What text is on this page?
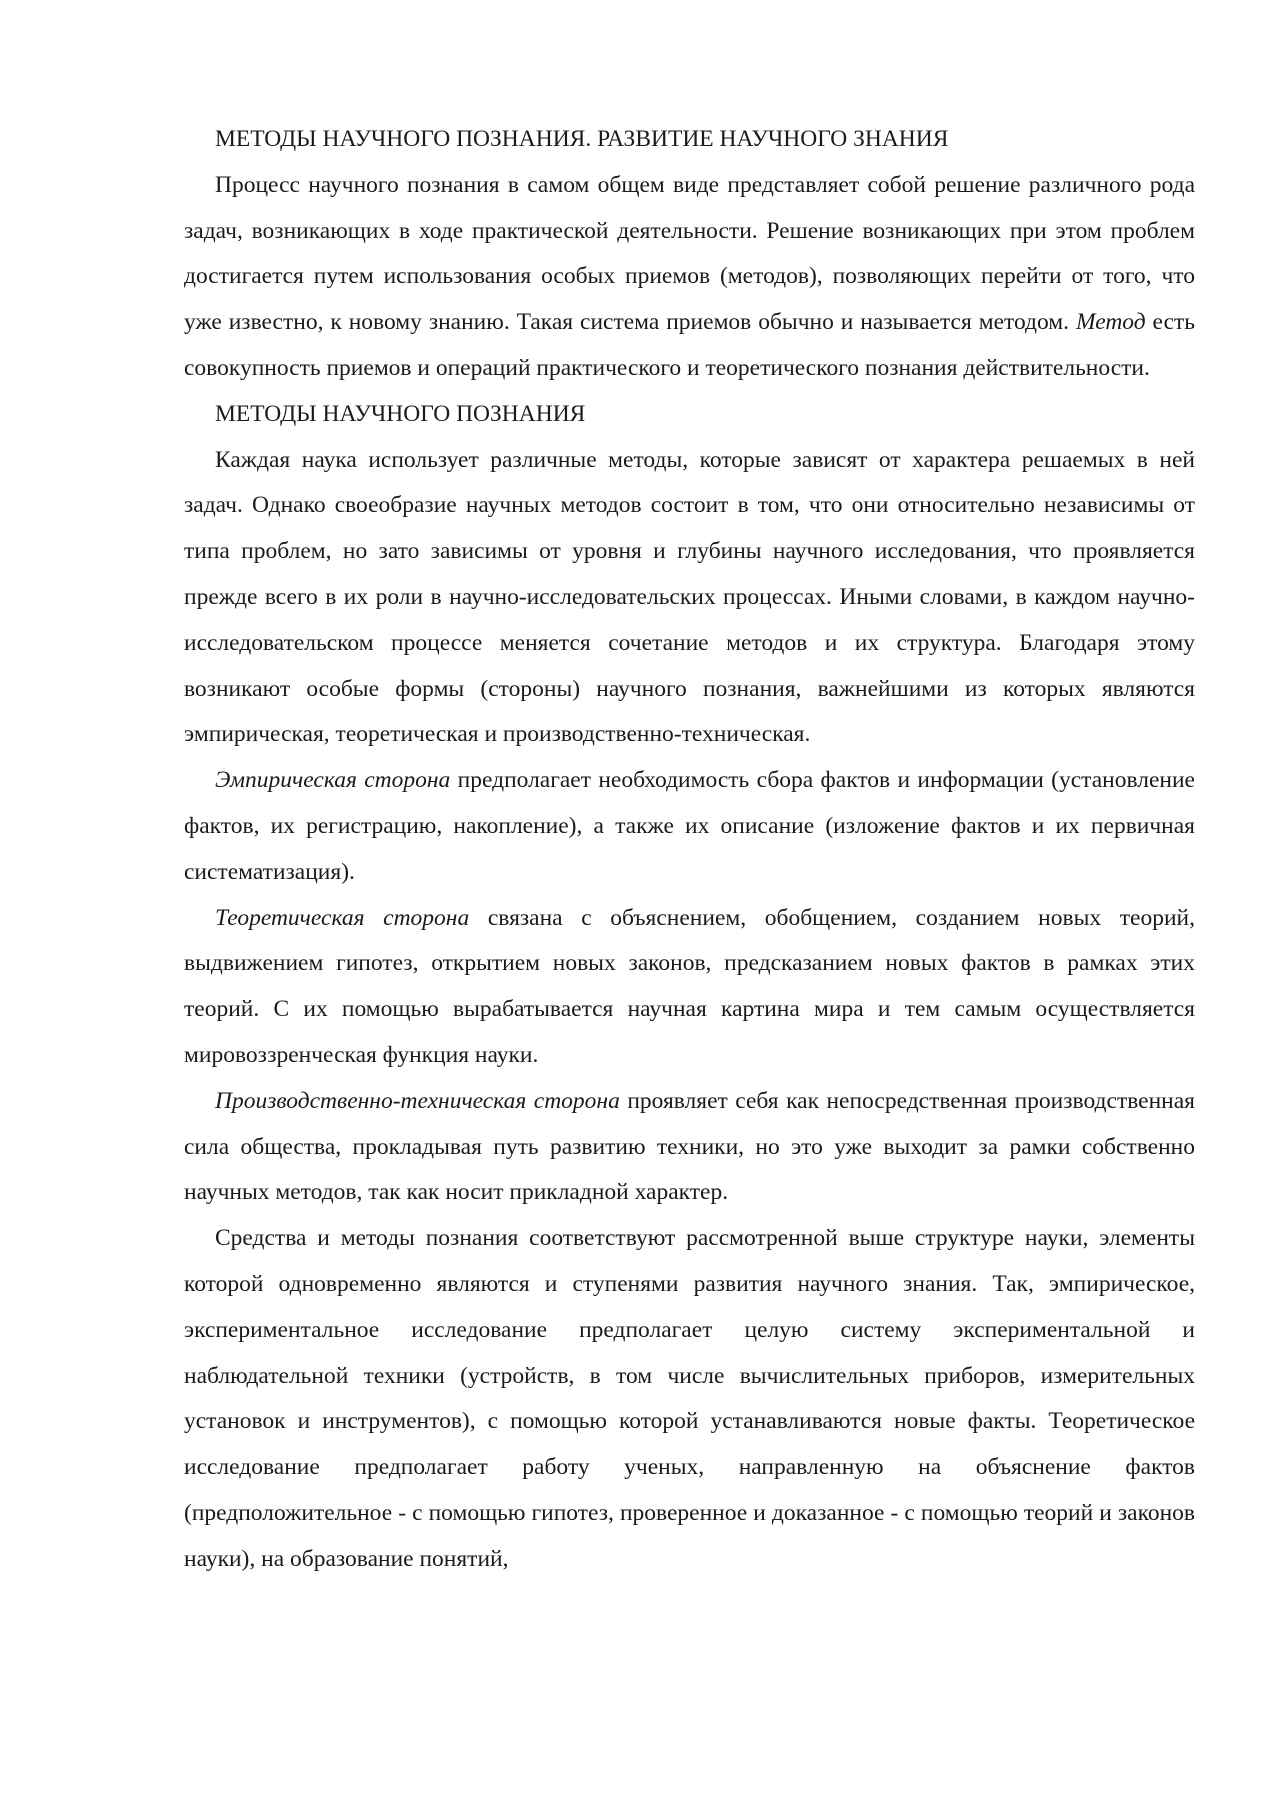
МЕТОДЫ НАУЧНОГО ПОЗНАНИЯ. РАЗВИТИЕ НАУЧНОГО ЗНАНИЯ

Процесс научного познания в самом общем виде представляет собой решение различного рода задач, возникающих в ходе практической деятельности. Решение возникающих при этом проблем достигается путем использования особых приемов (методов), позволяющих перейти от того, что уже известно, к новому знанию. Такая система приемов обычно и называется методом. Метод есть совокупность приемов и операций практического и теоретического познания действительности.

МЕТОДЫ НАУЧНОГО ПОЗНАНИЯ

Каждая наука использует различные методы, которые зависят от характера решаемых в ней задач. Однако своеобразие научных методов состоит в том, что они относительно независимы от типа проблем, но зато зависимы от уровня и глубины научного исследования, что проявляется прежде всего в их роли в научно-исследовательских процессах. Иными словами, в каждом научно-исследовательском процессе меняется сочетание методов и их структура. Благодаря этому возникают особые формы (стороны) научного познания, важнейшими из которых являются эмпирическая, теоретическая и производственно-техническая.

Эмпирическая сторона предполагает необходимость сбора фактов и информации (установление фактов, их регистрацию, накопление), а также их описание (изложение фактов и их первичная систематизация).

Теоретическая сторона связана с объяснением, обобщением, созданием новых теорий, выдвижением гипотез, открытием новых законов, предсказанием новых фактов в рамках этих теорий. С их помощью вырабатывается научная картина мира и тем самым осуществляется мировоззренческая функция науки.

Производственно-техническая сторона проявляет себя как непосредственная производственная сила общества, прокладывая путь развитию техники, но это уже выходит за рамки собственно научных методов, так как носит прикладной характер.

Средства и методы познания соответствуют рассмотренной выше структуре науки, элементы которой одновременно являются и ступенями развития научного знания. Так, эмпирическое, экспериментальное исследование предполагает целую систему экспериментальной и наблюдательной техники (устройств, в том числе вычислительных приборов, измерительных установок и инструментов), с помощью которой устанавливаются новые факты. Теоретическое исследование предполагает работу ученых, направленную на объяснение фактов (предположительное - с помощью гипотез, проверенное и доказанное - с помощью теорий и законов науки), на образование понятий,
